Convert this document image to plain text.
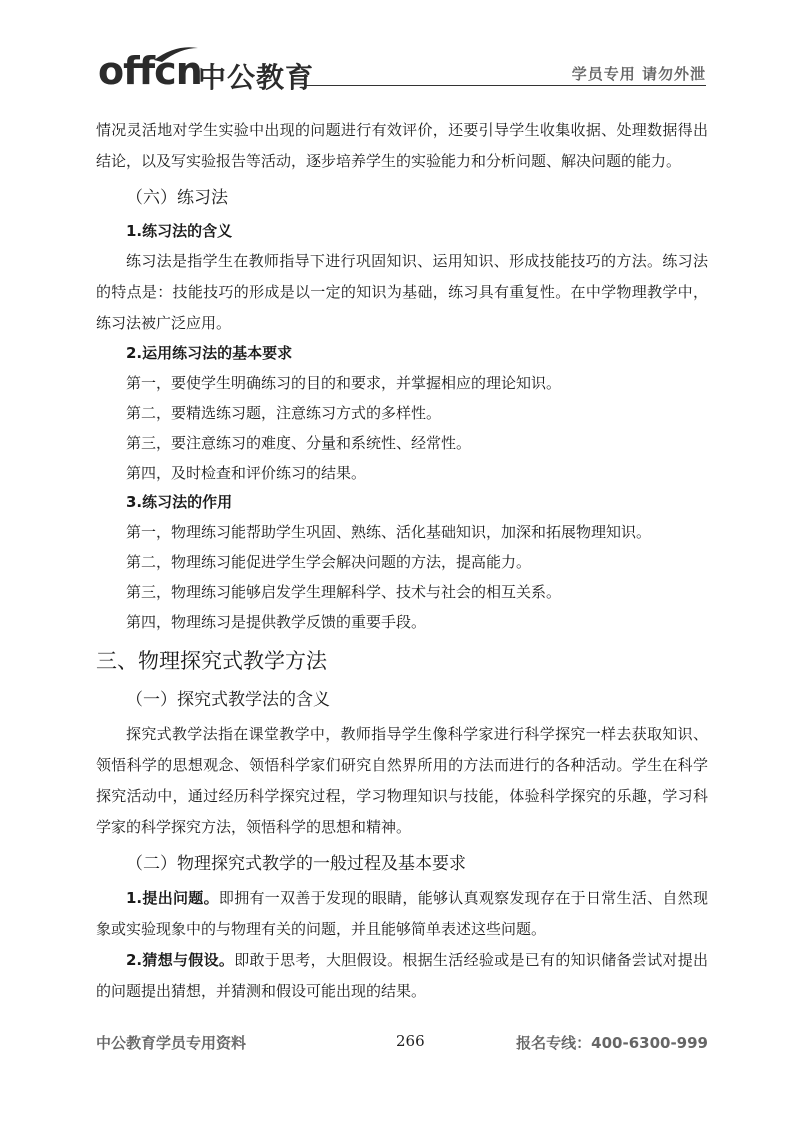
offcn
中公教育	学员专用 请勿外泄

情况灵活地对学生实验中出现的问题进行有效评价，还要引导学生收集收据、处理数据得出结论，以及写实验报告等活动，逐步培养学生的实验能力和分析问题、解决问题的能力。

（六）练习法
1.练习法的含义

练习法是指学生在教师指导下进行巩固知识、运用知识、形成技能技巧的方法。练习法的特点是：技能技巧的形成是以一定的知识为基础，练习具有重复性。在中学物理教学中，练习法被广泛应用。

2.运用练习法的基本要求

第一，要使学生明确练习的目的和要求，并掌握相应的理论知识。

第二，要精选练习题，注意练习方式的多样性。

第三，要注意练习的难度、分量和系统性、经常性。

第四，及时检查和评价练习的结果。

3.练习法的作用

第一，物理练习能帮助学生巩固、熟练、活化基础知识，加深和拓展物理知识。

第二，物理练习能促进学生学会解决问题的方法，提高能力。

第三，物理练习能够启发学生理解科学、技术与社会的相互关系。

第四，物理练习是提供教学反馈的重要手段。

三、物理探究式教学方法
（一）探究式教学法的含义

探究式教学法指在课堂教学中，教师指导学生像科学家进行科学探究一样去获取知识、领悟科学的思想观念、领悟科学家们研究自然界所用的方法而进行的各种活动。学生在科学探究活动中，通过经历科学探究过程，学习物理知识与技能，体验科学探究的乐趣，学习科学家的科学探究方法，领悟科学的思想和精神。

（二）物理探究式教学的一般过程及基本要求

1.提出问题。即拥有一双善于发现的眼睛，能够认真观察发现存在于日常生活、自然现象或实验现象中的与物理有关的问题，并且能够简单表述这些问题。

2.猜想与假设。即敢于思考，大胆假设。根据生活经验或是已有的知识储备尝试对提出的问题提出猜想，并猜测和假设可能出现的结果。

中公教育学员专用资料	266	报名专线：400-6300-999
